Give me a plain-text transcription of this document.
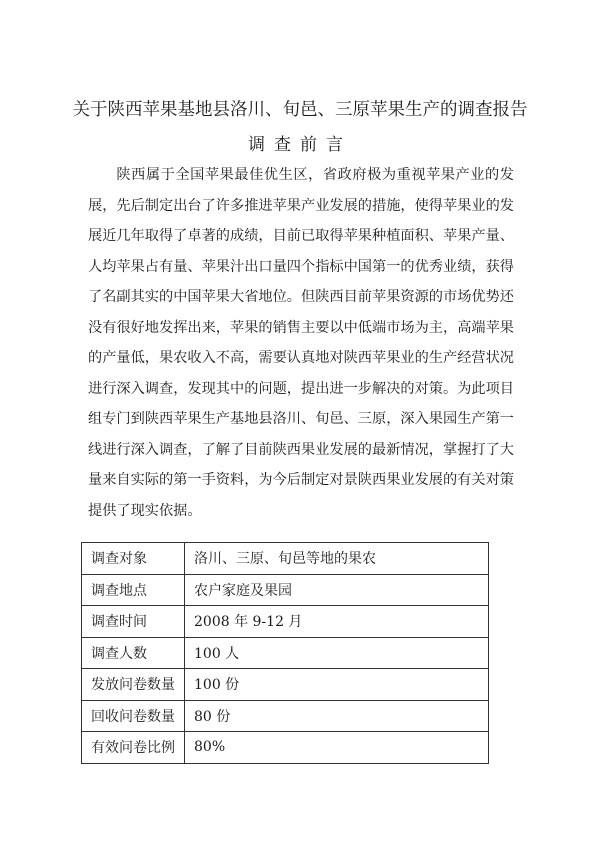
关于陕西苹果基地县洛川、旬邑、三原苹果生产的调查报告
调查前言

陕西属于全国苹果最佳优生区，省政府极为重视苹果产业的发展，先后制定出台了许多推进苹果产业发展的措施，使得苹果业的发展近几年取得了卓著的成绩，目前已取得苹果种植面积、苹果产量、人均苹果占有量、苹果汁出口量四个指标中国第一的优秀业绩，获得了名副其实的中国苹果大省地位。但陕西目前苹果资源的市场优势还没有很好地发挥出来，苹果的销售主要以中低端市场为主，高端苹果的产量低，果农收入不高，需要认真地对陕西苹果业的生产经营状况进行深入调查，发现其中的问题，提出进一步解决的对策。为此项目组专门到陕西苹果生产基地县洛川、旬邑、三原，深入果园生产第一线进行深入调查，了解了目前陕西果业发展的最新情况，掌握打了大量来自实际的第一手资料，为今后制定对景陕西果业发展的有关对策提供了现实依据。

调查对象	洛川、三原、旬邑等地的果农
调查地点	农户家庭及果园
调查时间	2008 年 9-12 月
调查人数	100 人
发放问卷数量	100 份
回收问卷数量	80 份
有效问卷比例	80%
